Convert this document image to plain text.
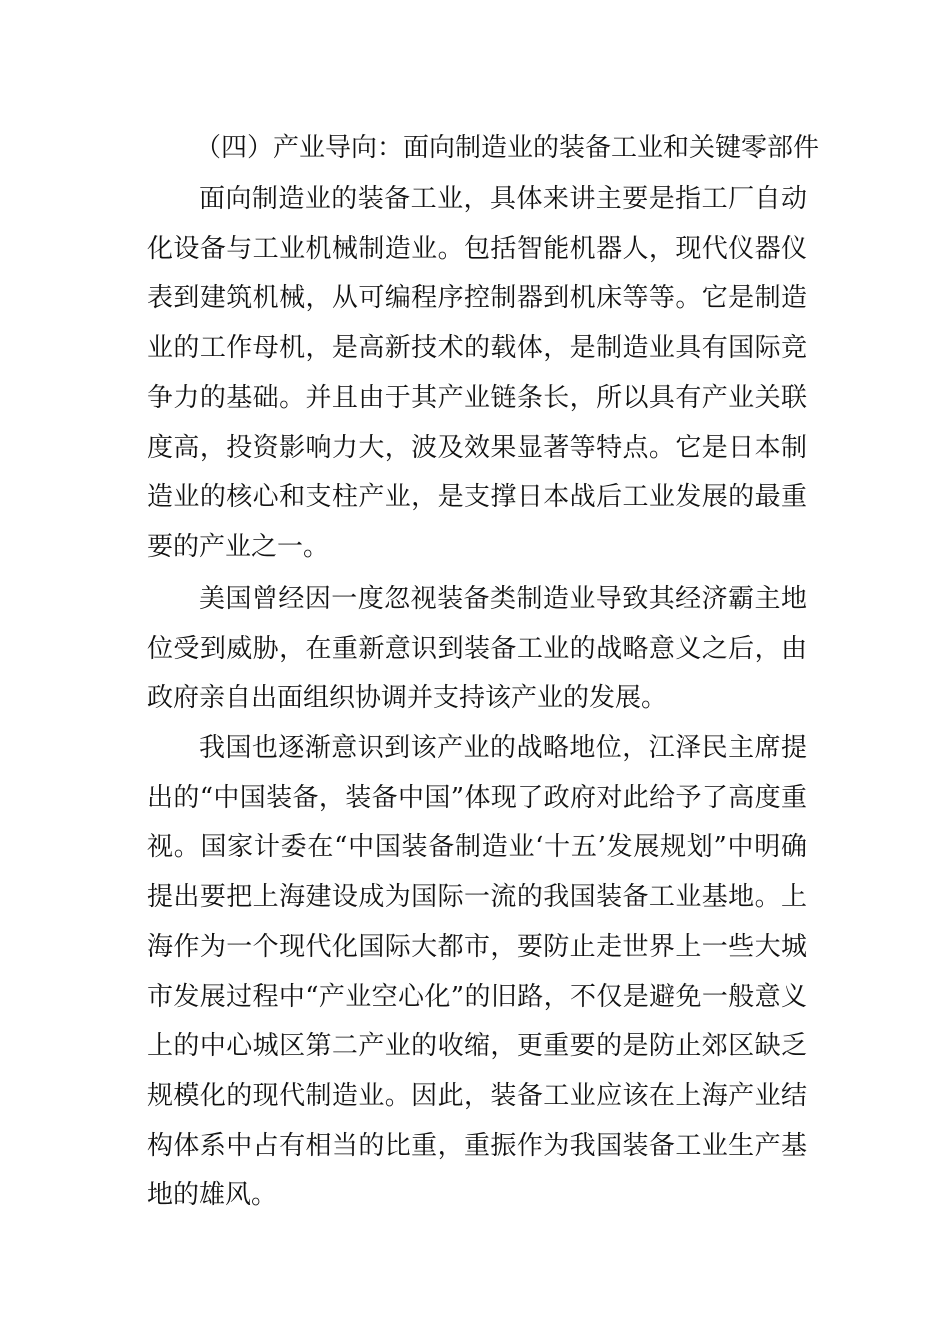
（四）产业导向：面向制造业的装备工业和关键零部件

面向制造业的装备工业，具体来讲主要是指工厂自动化设备与工业机械制造业。包括智能机器人，现代仪器仪表到建筑机械，从可编程序控制器到机床等等。它是制造业的工作母机，是高新技术的载体，是制造业具有国际竞争力的基础。并且由于其产业链条长，所以具有产业关联度高，投资影响力大，波及效果显著等特点。它是日本制造业的核心和支柱产业，是支撑日本战后工业发展的最重要的产业之一。

美国曾经因一度忽视装备类制造业导致其经济霸主地位受到威胁，在重新意识到装备工业的战略意义之后，由政府亲自出面组织协调并支持该产业的发展。

我国也逐渐意识到该产业的战略地位，江泽民主席提出的“中国装备，装备中国”体现了政府对此给予了高度重视。国家计委在“中国装备制造业‘十五’发展规划”中明确提出要把上海建设成为国际一流的我国装备工业基地。上海作为一个现代化国际大都市，要防止走世界上一些大城市发展过程中“产业空心化”的旧路，不仅是避免一般意义上的中心城区第二产业的收缩，更重要的是防止郊区缺乏规模化的现代制造业。因此，装备工业应该在上海产业结构体系中占有相当的比重，重振作为我国装备工业生产基地的雄风。
